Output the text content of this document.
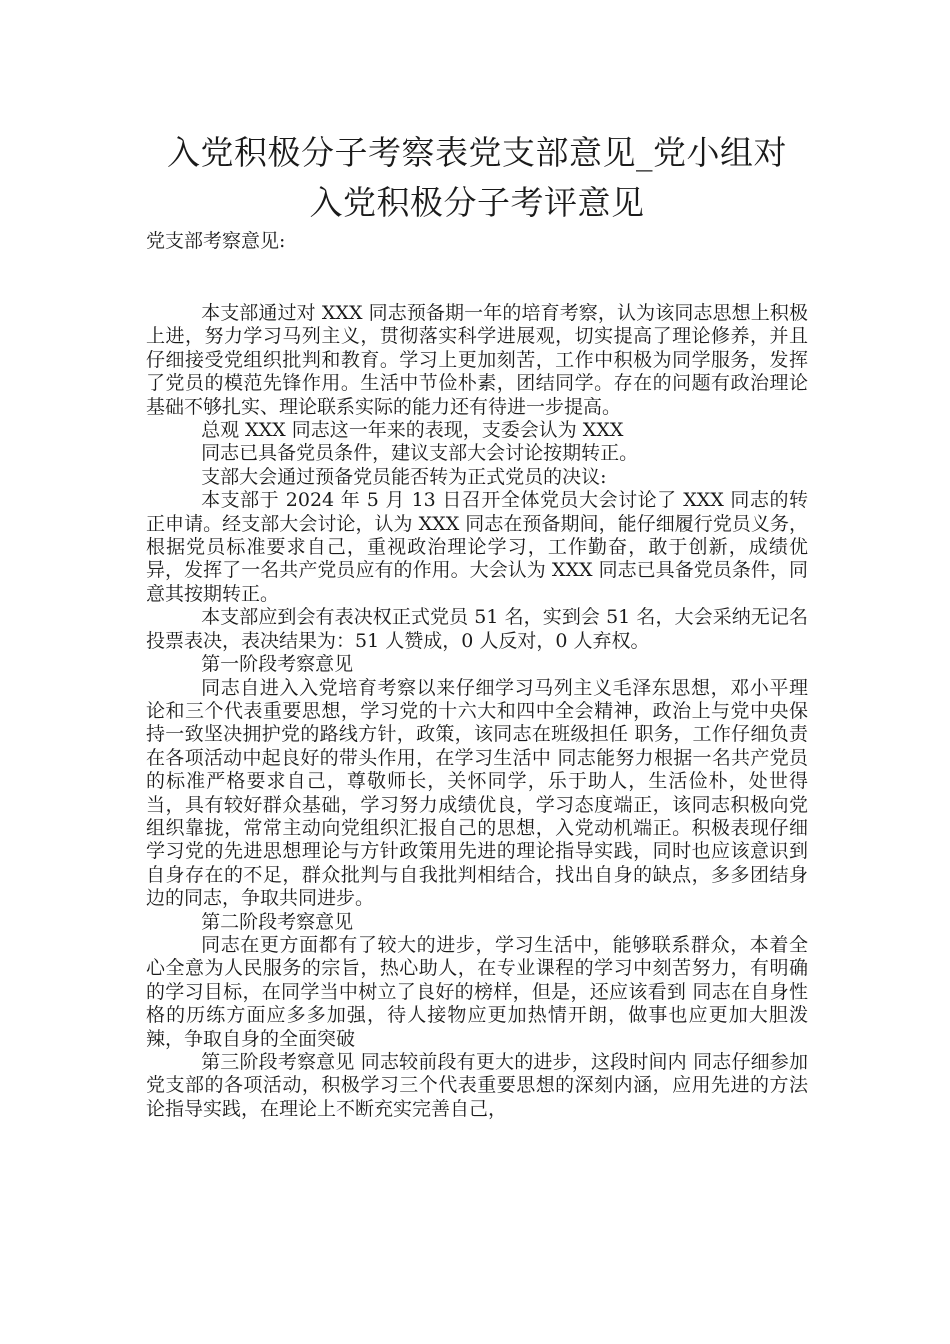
入党积极分子考察表党支部意见_党小组对
入党积极分子考评意见
党支部考察意见:

本支部通过对 XXX 同志预备期一年的培育考察，认为该同志思想上积极上进，努力学习马列主义，贯彻落实科学进展观，切实提高了理论修养，并且仔细接受党组织批判和教育。学习上更加刻苦，工作中积极为同学服务，发挥了党员的模范先锋作用。生活中节俭朴素，团结同学。存在的问题有政治理论基础不够扎实、理论联系实际的能力还有待进一步提高。

总观 XXX 同志这一年来的表现，支委会认为 XXX

同志已具备党员条件，建议支部大会讨论按期转正。

支部大会通过预备党员能否转为正式党员的决议:

本支部于 2024 年 5 月 13 日召开全体党员大会讨论了 XXX 同志的转正申请。经支部大会讨论，认为 XXX 同志在预备期间，能仔细履行党员义务，根据党员标准要求自己，重视政治理论学习，工作勤奋，敢于创新，成绩优异，发挥了一名共产党员应有的作用。大会认为 XXX 同志已具备党员条件，同意其按期转正。

本支部应到会有表决权正式党员 51 名，实到会 51 名，大会采纳无记名投票表决，表决结果为：51 人赞成，0 人反对，0 人弃权。

第一阶段考察意见

同志自进入入党培育考察以来仔细学习马列主义毛泽东思想，邓小平理论和三个代表重要思想，学习党的十六大和四中全会精神，政治上与党中央保持一致坚决拥护党的路线方针，政策，该同志在班级担任 职务，工作仔细负责在各项活动中起良好的带头作用，在学习生活中 同志能努力根据一名共产党员的标准严格要求自己，尊敬师长，关怀同学，乐于助人，生活俭朴，处世得当，具有较好群众基础，学习努力成绩优良，学习态度端正，该同志积极向党组织靠拢，常常主动向党组织汇报自己的思想，入党动机端正。积极表现仔细学习党的先进思想理论与方针政策用先进的理论指导实践，同时也应该意识到自身存在的不足，群众批判与自我批判相结合，找出自身的缺点，多多团结身边的同志，争取共同进步。

第二阶段考察意见

同志在更方面都有了较大的进步，学习生活中，能够联系群众，本着全心全意为人民服务的宗旨，热心助人，在专业课程的学习中刻苦努力，有明确的学习目标，在同学当中树立了良好的榜样，但是，还应该看到 同志在自身性格的历练方面应多多加强，待人接物应更加热情开朗，做事也应更加大胆泼辣，争取自身的全面突破

第三阶段考察意见 同志较前段有更大的进步，这段时间内 同志仔细参加党支部的各项活动，积极学习三个代表重要思想的深刻内涵，应用先进的方法论指导实践，在理论上不断充实完善自己，
